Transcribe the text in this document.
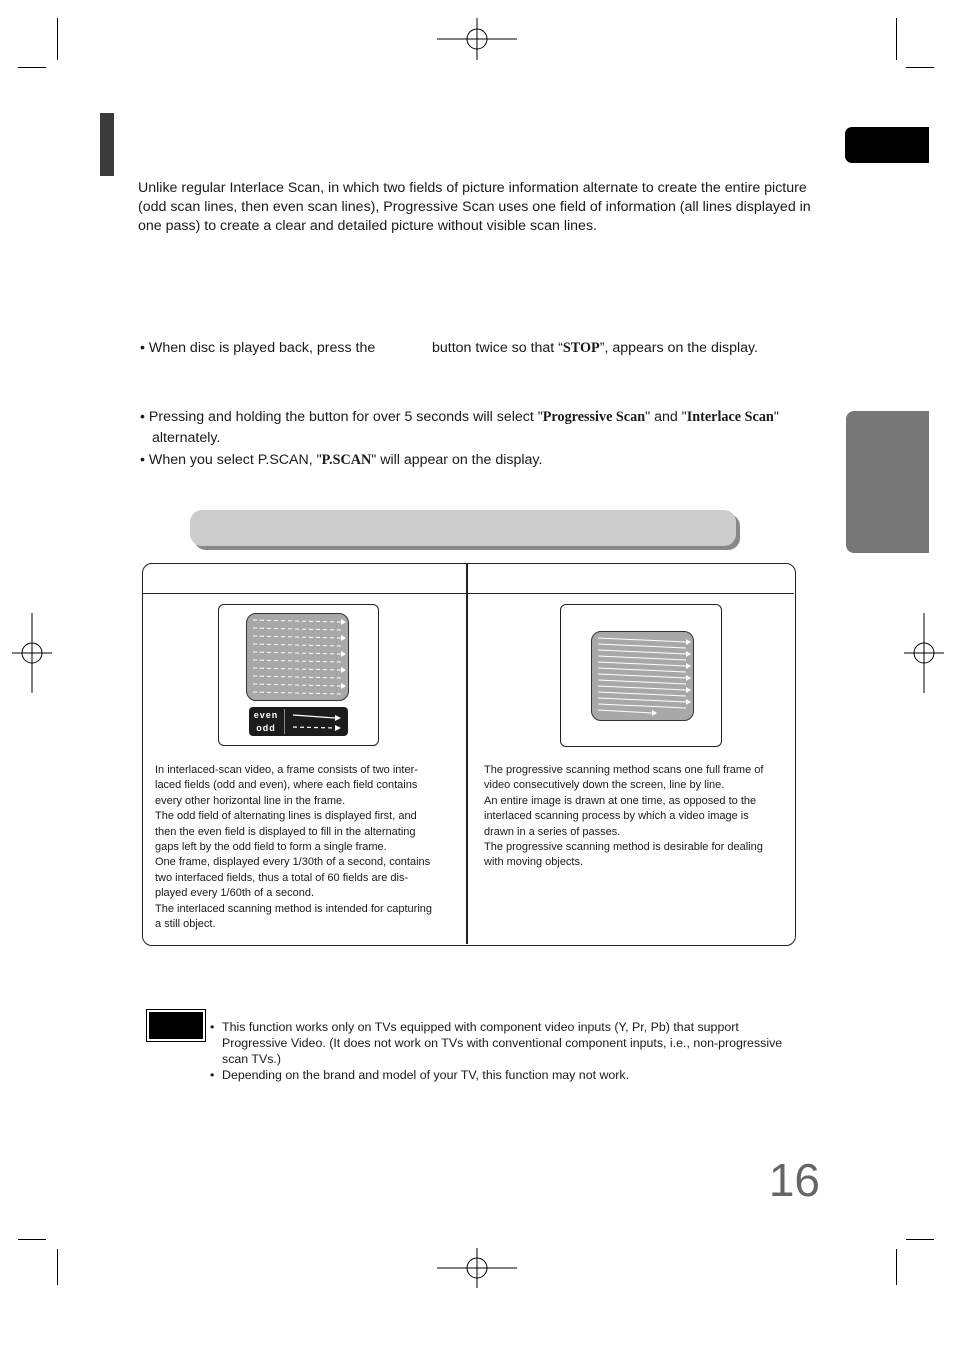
Unlike regular Interlace Scan, in which two fields of picture information alternate to create the entire picture (odd scan lines, then even scan lines), Progressive Scan uses one field of information (all lines displayed in one pass) to create a clear and detailed picture without visible scan lines.
• When disc is played back, press the	button twice so that “STOP”, appears on the display.
• Pressing and holding the button for over 5 seconds will select "Progressive Scan" and "Interlace Scan"
alternately.
• When you select P.SCAN, "P.SCAN" will appear on the display.
even
odd
In interlaced-scan video, a frame consists of two inter-
laced fields (odd and even), where each field contains
every other horizontal line in the frame.
The odd field of alternating lines is displayed first, and
then the even field is displayed to fill in the alternating
gaps left by the odd field to form a single frame.
One frame, displayed every 1/30th of a second, contains
two interfaced fields, thus a total of 60 fields are dis-
played every 1/60th of a second.
The interlaced scanning method is intended for capturing
a still object.
The progressive scanning method scans one full frame of
video consecutively down the screen, line by line.
An entire image is drawn at one time, as opposed to the
interlaced scanning process by which a video image is
drawn in a series of passes.
The progressive scanning method is desirable for dealing
with moving objects.
• This function works only on TVs equipped with component video inputs (Y, Pr, Pb) that support
Progressive Video. (It does not work on TVs with conventional component inputs, i.e., non-progressive
scan TVs.)
• Depending on the brand and model of your TV, this function may not work.
16
